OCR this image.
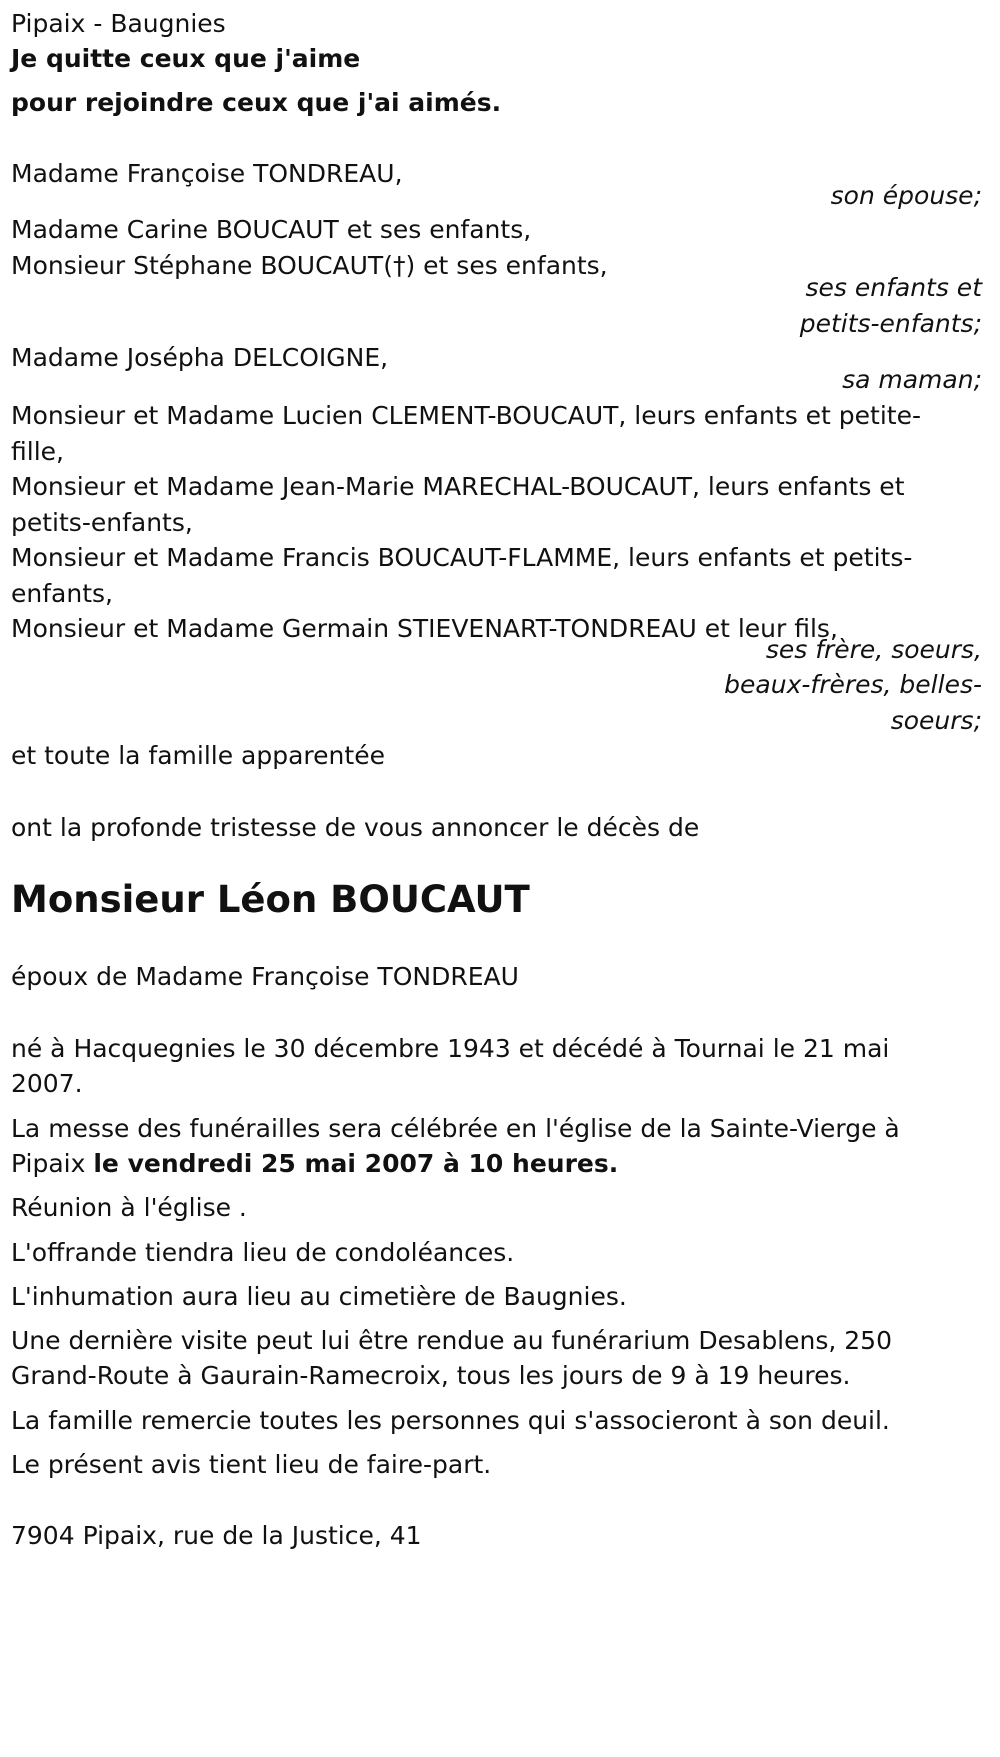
Pipaix - Baugnies
Je quitte ceux que j'aime
pour rejoindre ceux que j'ai aimés.
Madame Françoise TONDREAU,
son épouse;
Madame Carine BOUCAUT et ses enfants,
Monsieur Stéphane BOUCAUT(†) et ses enfants,
ses enfants et
petits-enfants;
Madame Joséphа DELCOIGNE,
sa maman;
Monsieur et Madame Lucien CLEMENT-BOUCAUT, leurs enfants et petite-
fille,
Monsieur et Madame Jean-Marie MARECHAL-BOUCAUT, leurs enfants et
petits-enfants,
Monsieur et Madame Francis BOUCAUT-FLAMME, leurs enfants et petits-
enfants,
Monsieur et Madame Germain STIEVENART-TONDREAU et leur fils,
ses frère, soeurs,
beaux-frères, belles-
soeurs;
et toute la famille apparentée
ont la profonde tristesse de vous annoncer le décès de
Monsieur Léon BOUCAUT
époux de Madame Françoise TONDREAU
né à Hacquegnies le 30 décembre 1943 et décédé à Tournai le 21 mai
2007.
La messe des funérailles sera célébrée en l'église de la Sainte-Vierge à
Pipaix le vendredi 25 mai 2007 à 10 heures.
Réunion à l'église .
L'offrande tiendra lieu de condoléances.
L'inhumation aura lieu au cimetière de Baugnies.
Une dernière visite peut lui être rendue au funérarium Desablens, 250
Grand-Route à Gaurain-Ramecroix, tous les jours de 9 à 19 heures.
La famille remercie toutes les personnes qui s'associeront à son deuil.
Le présent avis tient lieu de faire-part.
7904 Pipaix, rue de la Justice, 41
